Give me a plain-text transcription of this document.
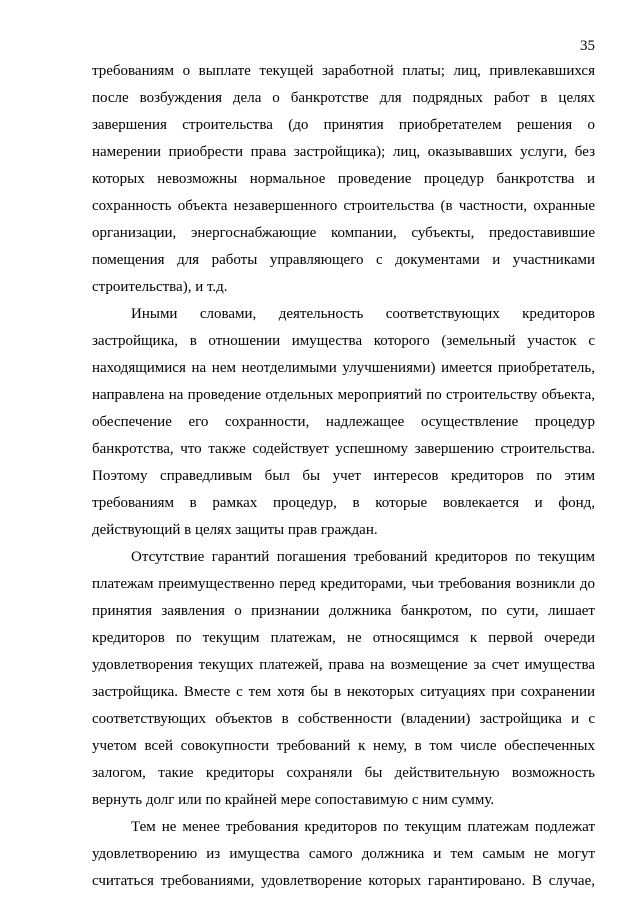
35
требованиям о выплате текущей заработной платы; лиц, привлекавшихся
после возбуждения дела о банкротстве для подрядных работ в целях
завершения строительства (до принятия приобретателем решения о
намерении приобрести права застройщика); лиц, оказывавших услуги, без
которых невозможны нормальное проведение процедур банкротства и
сохранность объекта незавершенного строительства (в частности, охранные
организации, энергоснабжающие компании, субъекты, предоставившие
помещения для работы управляющего с документами и участниками
строительства), и т.д.
Иными словами, деятельность соответствующих кредиторов
застройщика, в отношении имущества которого (земельный участок с
находящимися на нем неотделимыми улучшениями) имеется приобретатель,
направлена на проведение отдельных мероприятий по строительству объекта,
обеспечение его сохранности, надлежащее осуществление процедур
банкротства, что также содействует успешному завершению строительства.
Поэтому справедливым был бы учет интересов кредиторов по этим
требованиям в рамках процедур, в которые вовлекается и фонд,
действующий в целях защиты прав граждан.
Отсутствие гарантий погашения требований кредиторов по текущим
платежам преимущественно перед кредиторами, чьи требования возникли до
принятия заявления о признании должника банкротом, по сути, лишает
кредиторов по текущим платежам, не относящимся к первой очереди
удовлетворения текущих платежей, права на возмещение за счет имущества
застройщика. Вместе с тем хотя бы в некоторых ситуациях при сохранении
соответствующих объектов в собственности (владении) застройщика и с
учетом всей совокупности требований к нему, в том числе обеспеченных
залогом, такие кредиторы сохраняли бы действительную возможность
вернуть долг или по крайней мере сопоставимую с ним сумму.
Тем не менее требования кредиторов по текущим платежам подлежат
удовлетворению из имущества самого должника и тем самым не могут
считаться требованиями, удовлетворение которых гарантировано. В случае,
